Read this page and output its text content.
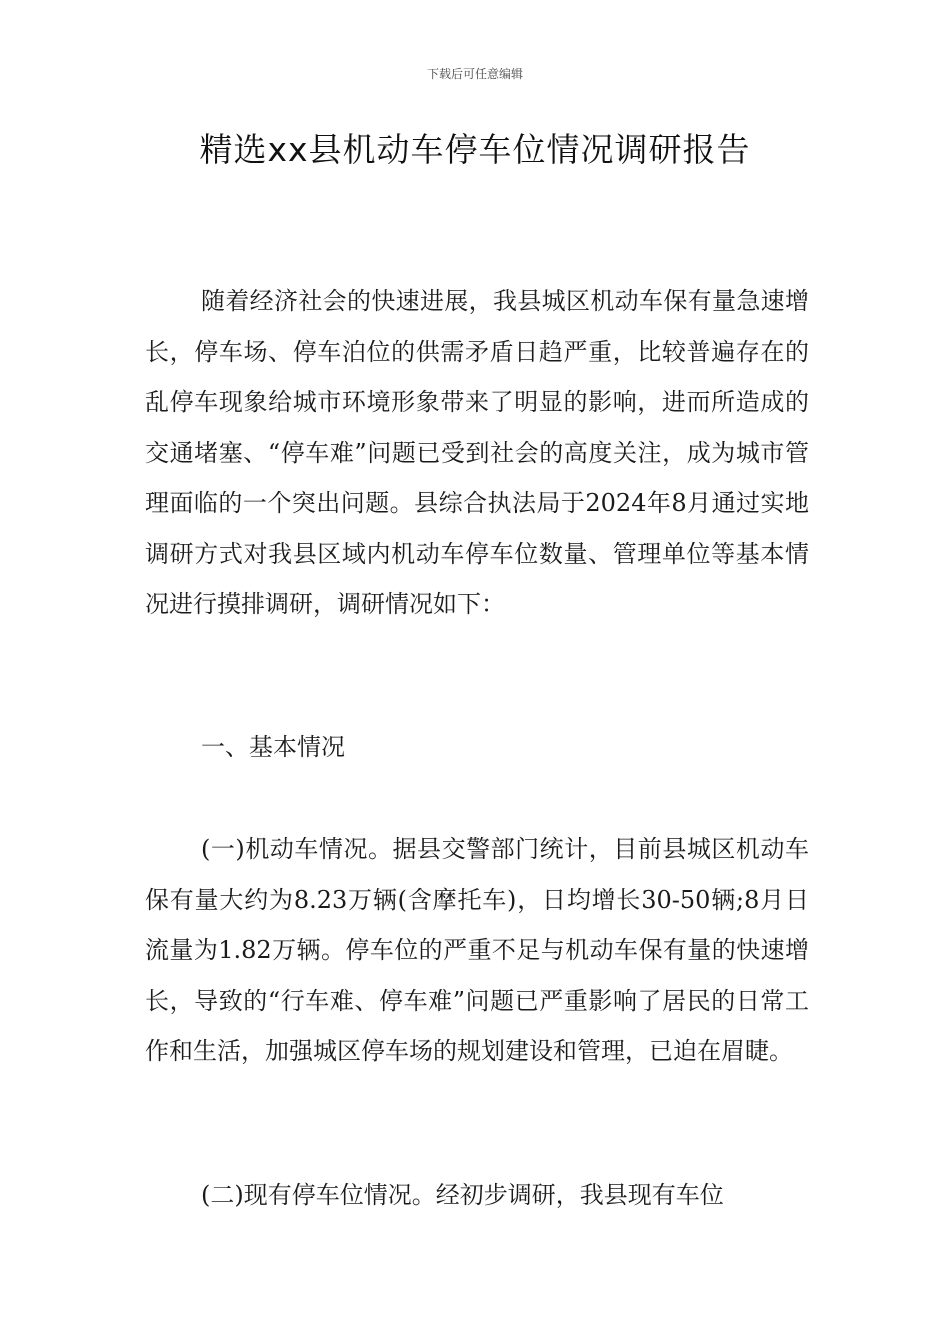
下载后可任意编辑
精选xx县机动车停车位情况调研报告

随着经济社会的快速进展，我县城区机动车保有量急速增长，停车场、停车泊位的供需矛盾日趋严重，比较普遍存在的乱停车现象给城市环境形象带来了明显的影响，进而所造成的交通堵塞、“停车难”问题已受到社会的高度关注，成为城市管理面临的一个突出问题。县综合执法局于2024年8月通过实地调研方式对我县区域内机动车停车位数量、管理单位等基本情况进行摸排调研，调研情况如下：

一、基本情况

(一)机动车情况。据县交警部门统计，目前县城区机动车保有量大约为8.23万辆(含摩托车)，日均增长30-50辆;8月日流量为1.82万辆。停车位的严重不足与机动车保有量的快速增长，导致的“行车难、停车难”问题已严重影响了居民的日常工作和生活，加强城区停车场的规划建设和管理，已迫在眉睫。

(二)现有停车位情况。经初步调研，我县现有车位
